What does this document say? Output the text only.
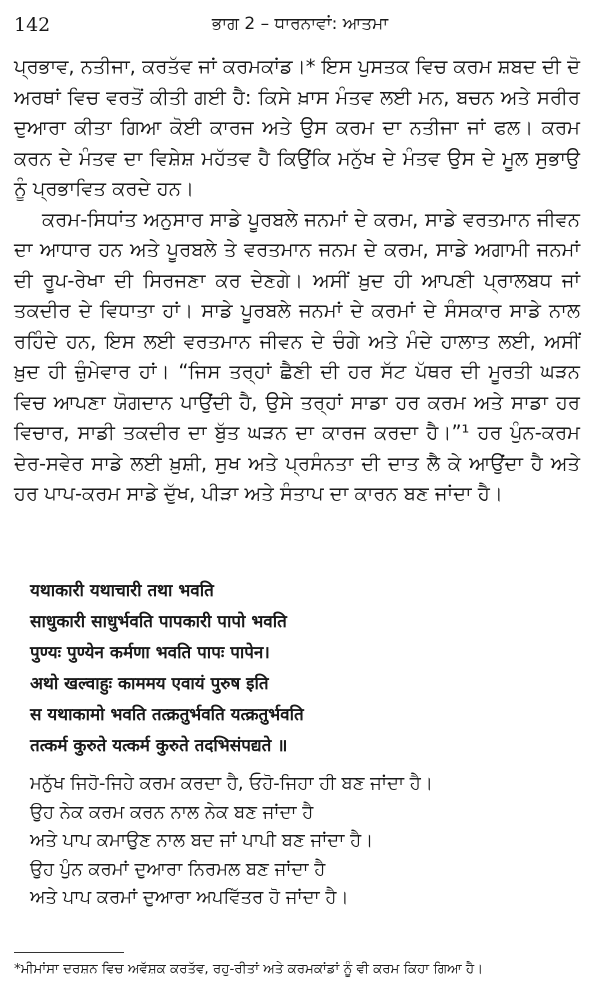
142	ਭਾਗ 2 – ਧਾਰਨਾਵਾਂ: ਆਤਮਾ

ਪ੍ਰਭਾਵ, ਨਤੀਜਾ, ਕਰਤੱਵ ਜਾਂ ਕਰਮਕਾਂਡ।* ਇਸ ਪੁਸਤਕ ਵਿਚ ਕਰਮ ਸ਼ਬਦ ਦੀ ਦੋ ਅਰਥਾਂ ਵਿਚ ਵਰਤੋਂ ਕੀਤੀ ਗਈ ਹੈ: ਕਿਸੇ ਖ਼ਾਸ ਮੰਤਵ ਲਈ ਮਨ, ਬਚਨ ਅਤੇ ਸਰੀਰ ਦੁਆਰਾ ਕੀਤਾ ਗਿਆ ਕੋਈ ਕਾਰਜ ਅਤੇ ਉਸ ਕਰਮ ਦਾ ਨਤੀਜਾ ਜਾਂ ਫਲ। ਕਰਮ ਕਰਨ ਦੇ ਮੰਤਵ ਦਾ ਵਿਸ਼ੇਸ਼ ਮਹੱਤਵ ਹੈ ਕਿਉਂਕਿ ਮਨੁੱਖ ਦੇ ਮੰਤਵ ਉਸ ਦੇ ਮੂਲ ਸੁਭਾਉ ਨੂੰ ਪ੍ਰਭਾਵਿਤ ਕਰਦੇ ਹਨ।

ਕਰਮ-ਸਿਧਾਂਤ ਅਨੁਸਾਰ ਸਾਡੇ ਪੂਰਬਲੇ ਜਨਮਾਂ ਦੇ ਕਰਮ, ਸਾਡੇ ਵਰਤਮਾਨ ਜੀਵਨ ਦਾ ਆਧਾਰ ਹਨ ਅਤੇ ਪੂਰਬਲੇ ਤੇ ਵਰਤਮਾਨ ਜਨਮ ਦੇ ਕਰਮ, ਸਾਡੇ ਅਗਾਮੀ ਜਨਮਾਂ ਦੀ ਰੂਪ-ਰੇਖਾ ਦੀ ਸਿਰਜਣਾ ਕਰ ਦੇਣਗੇ। ਅਸੀਂ ਖ਼ੁਦ ਹੀ ਆਪਣੀ ਪ੍ਰਾਲਬਧ ਜਾਂ ਤਕਦੀਰ ਦੇ ਵਿਧਾਤਾ ਹਾਂ। ਸਾਡੇ ਪੂਰਬਲੇ ਜਨਮਾਂ ਦੇ ਕਰਮਾਂ ਦੇ ਸੰਸਕਾਰ ਸਾਡੇ ਨਾਲ ਰਹਿੰਦੇ ਹਨ, ਇਸ ਲਈ ਵਰਤਮਾਨ ਜੀਵਨ ਦੇ ਚੰਗੇ ਅਤੇ ਮੰਦੇ ਹਾਲਾਤ ਲਈ, ਅਸੀਂ ਖ਼ੁਦ ਹੀ ਜ਼ੁੰਮੇਵਾਰ ਹਾਂ। “ਜਿਸ ਤਰ੍ਹਾਂ ਛੈਣੀ ਦੀ ਹਰ ਸੱਟ ਪੱਥਰ ਦੀ ਮੂਰਤੀ ਘੜਨ ਵਿਚ ਆਪਣਾ ਯੋਗਦਾਨ ਪਾਉਂਦੀ ਹੈ, ਉਸੇ ਤਰ੍ਹਾਂ ਸਾਡਾ ਹਰ ਕਰਮ ਅਤੇ ਸਾਡਾ ਹਰ ਵਿਚਾਰ, ਸਾਡੀ ਤਕਦੀਰ ਦਾ ਬੁੱਤ ਘੜਨ ਦਾ ਕਾਰਜ ਕਰਦਾ ਹੈ।”¹ ਹਰ ਪੁੰਨ-ਕਰਮ ਦੇਰ-ਸਵੇਰ ਸਾਡੇ ਲਈ ਖ਼ੁਸ਼ੀ, ਸੁਖ ਅਤੇ ਪ੍ਰਸੰਨਤਾ ਦੀ ਦਾਤ ਲੈ ਕੇ ਆਉਂਦਾ ਹੈ ਅਤੇ ਹਰ ਪਾਪ-ਕਰਮ ਸਾਡੇ ਦੁੱਖ, ਪੀੜਾ ਅਤੇ ਸੰਤਾਪ ਦਾ ਕਾਰਨ ਬਣ ਜਾਂਦਾ ਹੈ।

यथाकारी यथाचारी तथा भवति

साधुकारी साधुर्भवति पापकारी पापो भवति

पुण्यः पुण्येन कर्मणा भवति पापः पापेन।

अथो खल्वाहुः काममय एवायं पुरुष इति

स यथाकामो भवति तत्क्रतुर्भवति यत्क्रतुर्भवति

तत्कर्म कुरुते यत्कर्म कुरुते तदभिसंपद्यते ॥

ਮਨੁੱਖ ਜਿਹੋ-ਜਿਹੇ ਕਰਮ ਕਰਦਾ ਹੈ, ਓਹੋ-ਜਿਹਾ ਹੀ ਬਣ ਜਾਂਦਾ ਹੈ।

ਉਹ ਨੇਕ ਕਰਮ ਕਰਨ ਨਾਲ ਨੇਕ ਬਣ ਜਾਂਦਾ ਹੈ

ਅਤੇ ਪਾਪ ਕਮਾਉਣ ਨਾਲ ਬਦ ਜਾਂ ਪਾਪੀ ਬਣ ਜਾਂਦਾ ਹੈ।

ਉਹ ਪੁੰਨ ਕਰਮਾਂ ਦੁਆਰਾ ਨਿਰਮਲ ਬਣ ਜਾਂਦਾ ਹੈ

ਅਤੇ ਪਾਪ ਕਰਮਾਂ ਦੁਆਰਾ ਅਪਵਿੱਤਰ ਹੋ ਜਾਂਦਾ ਹੈ।

*ਮੀਮਾਂਸਾ ਦਰਸ਼ਨ ਵਿਚ ਅਵੱਸ਼ਕ ਕਰਤੱਵ, ਰਹੁ-ਰੀਤਾਂ ਅਤੇ ਕਰਮਕਾਂਡਾਂ ਨੂੰ ਵੀ ਕਰਮ ਕਿਹਾ ਗਿਆ ਹੈ।
